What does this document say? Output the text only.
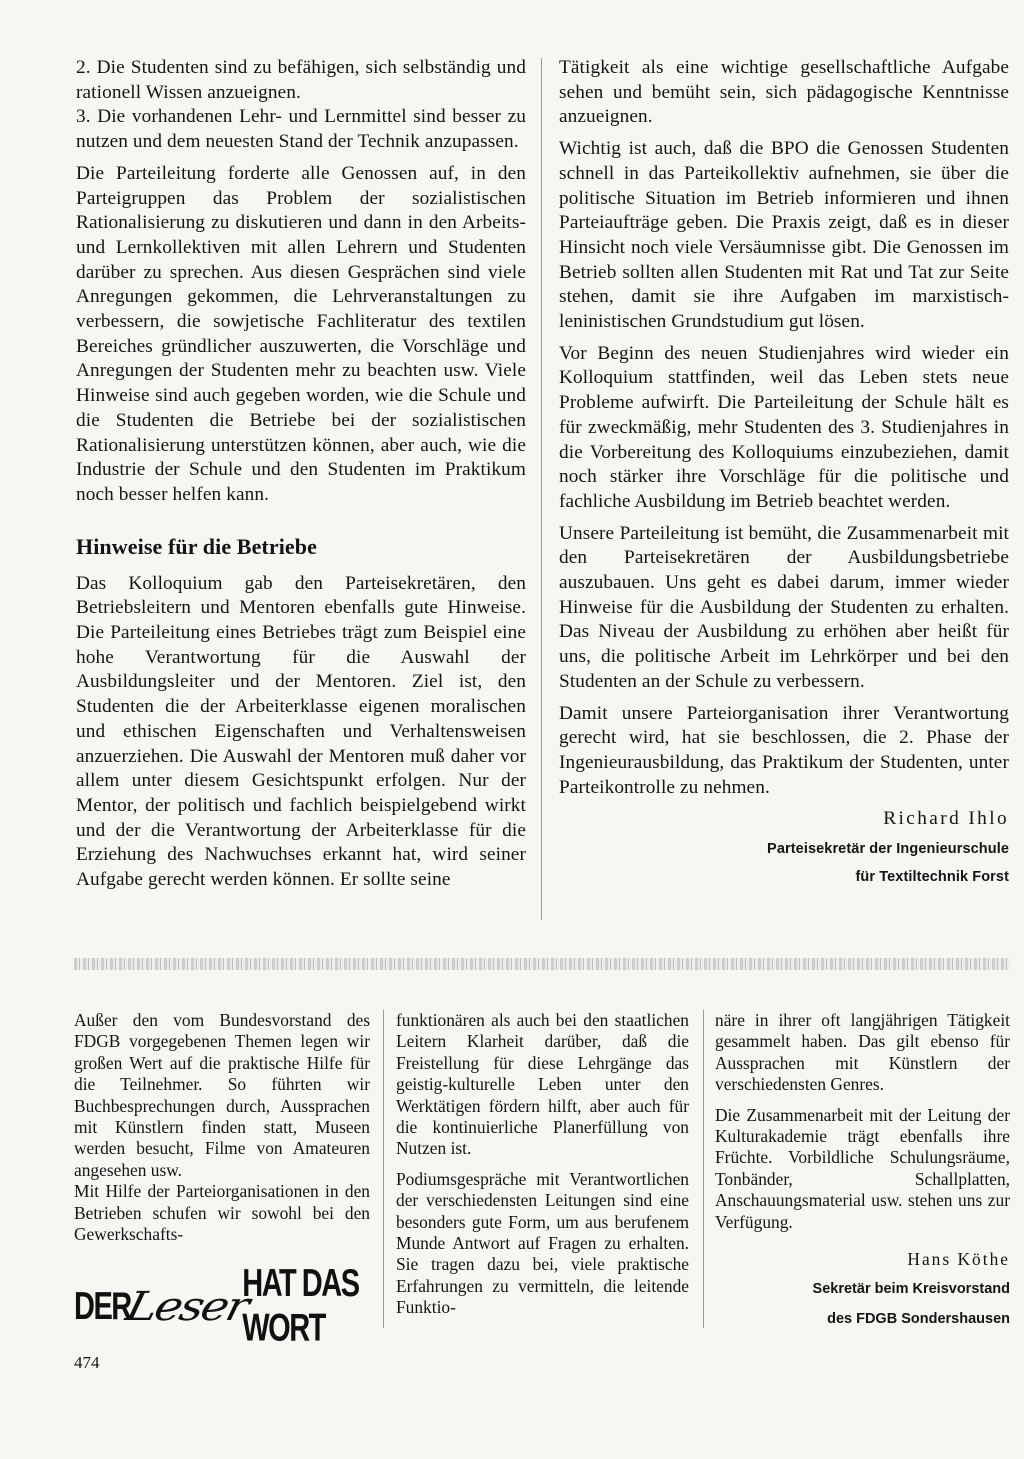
2. Die Studenten sind zu befähigen, sich selbständig und rationell Wissen anzueignen.

3. Die vorhandenen Lehr- und Lernmittel sind besser zu nutzen und dem neuesten Stand der Technik anzupassen.

Die Parteileitung forderte alle Genossen auf, in den Parteigruppen das Problem der sozialistischen Rationalisierung zu diskutieren und dann in den Arbeits- und Lernkollektiven mit allen Lehrern und Studenten darüber zu sprechen. Aus diesen Gesprächen sind viele Anregungen gekommen, die Lehrveranstaltungen zu verbessern, die sowjetische Fachliteratur des textilen Bereiches gründlicher auszuwerten, die Vorschläge und Anregungen der Studenten mehr zu beachten usw. Viele Hinweise sind auch gegeben worden, wie die Schule und die Studenten die Betriebe bei der sozialistischen Rationalisierung unterstützen können, aber auch, wie die Industrie der Schule und den Studenten im Praktikum noch besser helfen kann.

Hinweise für die Betriebe

Das Kolloquium gab den Parteisekretären, den Betriebsleitern und Mentoren ebenfalls gute Hinweise. Die Parteileitung eines Betriebes trägt zum Beispiel eine hohe Verantwortung für die Auswahl der Ausbildungsleiter und der Mentoren. Ziel ist, den Studenten die der Arbeiterklasse eigenen moralischen und ethischen Eigenschaften und Verhaltensweisen anzuerziehen. Die Auswahl der Mentoren muß daher vor allem unter diesem Gesichtspunkt erfolgen. Nur der Mentor, der politisch und fachlich beispielgebend wirkt und der die Verantwortung der Arbeiterklasse für die Erziehung des Nachwuchses erkannt hat, wird seiner Aufgabe gerecht werden können. Er sollte seine

Tätigkeit als eine wichtige gesellschaftliche Aufgabe sehen und bemüht sein, sich pädagogische Kenntnisse anzueignen.

Wichtig ist auch, daß die BPO die Genossen Studenten schnell in das Parteikollektiv aufnehmen, sie über die politische Situation im Betrieb informieren und ihnen Parteiaufträge geben. Die Praxis zeigt, daß es in dieser Hinsicht noch viele Versäumnisse gibt. Die Genossen im Betrieb sollten allen Studenten mit Rat und Tat zur Seite stehen, damit sie ihre Aufgaben im marxistisch-leninistischen Grundstudium gut lösen.

Vor Beginn des neuen Studienjahres wird wieder ein Kolloquium stattfinden, weil das Leben stets neue Probleme aufwirft. Die Parteileitung der Schule hält es für zweckmäßig, mehr Studenten des 3. Studienjahres in die Vorbereitung des Kolloquiums einzubeziehen, damit noch stärker ihre Vorschläge für die politische und fachliche Ausbildung im Betrieb beachtet werden.

Unsere Parteileitung ist bemüht, die Zusammenarbeit mit den Parteisekretären der Ausbildungsbetriebe auszubauen. Uns geht es dabei darum, immer wieder Hinweise für die Ausbildung der Studenten zu erhalten. Das Niveau der Ausbildung zu erhöhen aber heißt für uns, die politische Arbeit im Lehrkörper und bei den Studenten an der Schule zu verbessern.

Damit unsere Parteiorganisation ihrer Verantwortung gerecht wird, hat sie beschlossen, die 2. Phase der Ingenieurausbildung, das Praktikum der Studenten, unter Parteikontrolle zu nehmen.

Richard Ihlo

Parteisekretär der Ingenieurschule

für Textiltechnik Forst

Außer den vom Bundesvorstand des FDGB vorgegebenen Themen legen wir großen Wert auf die praktische Hilfe für die Teilnehmer. So führten wir Buchbesprechungen durch, Aussprachen mit Künstlern finden statt, Museen werden besucht, Filme von Amateuren angesehen usw.

Mit Hilfe der Parteiorganisationen in den Betrieben schufen wir sowohl bei den Gewerkschafts-

funktionären als auch bei den staatlichen Leitern Klarheit darüber, daß die Freistellung für diese Lehrgänge das geistig-kulturelle Leben unter den Werktätigen fördern hilft, aber auch für die kontinuierliche Planerfüllung von Nutzen ist.

Podiumsgespräche mit Verantwortlichen der verschiedensten Leitungen sind eine besonders gute Form, um aus berufenem Munde Antwort auf Fragen zu erhalten. Sie tragen dazu bei, viele praktische Erfahrungen zu vermitteln, die leitende Funktio-

näre in ihrer oft langjährigen Tätigkeit gesammelt haben. Das gilt ebenso für Aussprachen mit Künstlern der verschiedensten Genres.

Die Zusammenarbeit mit der Leitung der Kulturakademie trägt ebenfalls ihre Früchte. Vorbildliche Schulungsräume, Tonbänder, Schallplatten, Anschauungsmaterial usw. stehen uns zur Verfügung.

Hans Köthe

Sekretär beim Kreisvorstand

des FDGB Sondershausen

DER
Leser
HAT DAS WORT
474
